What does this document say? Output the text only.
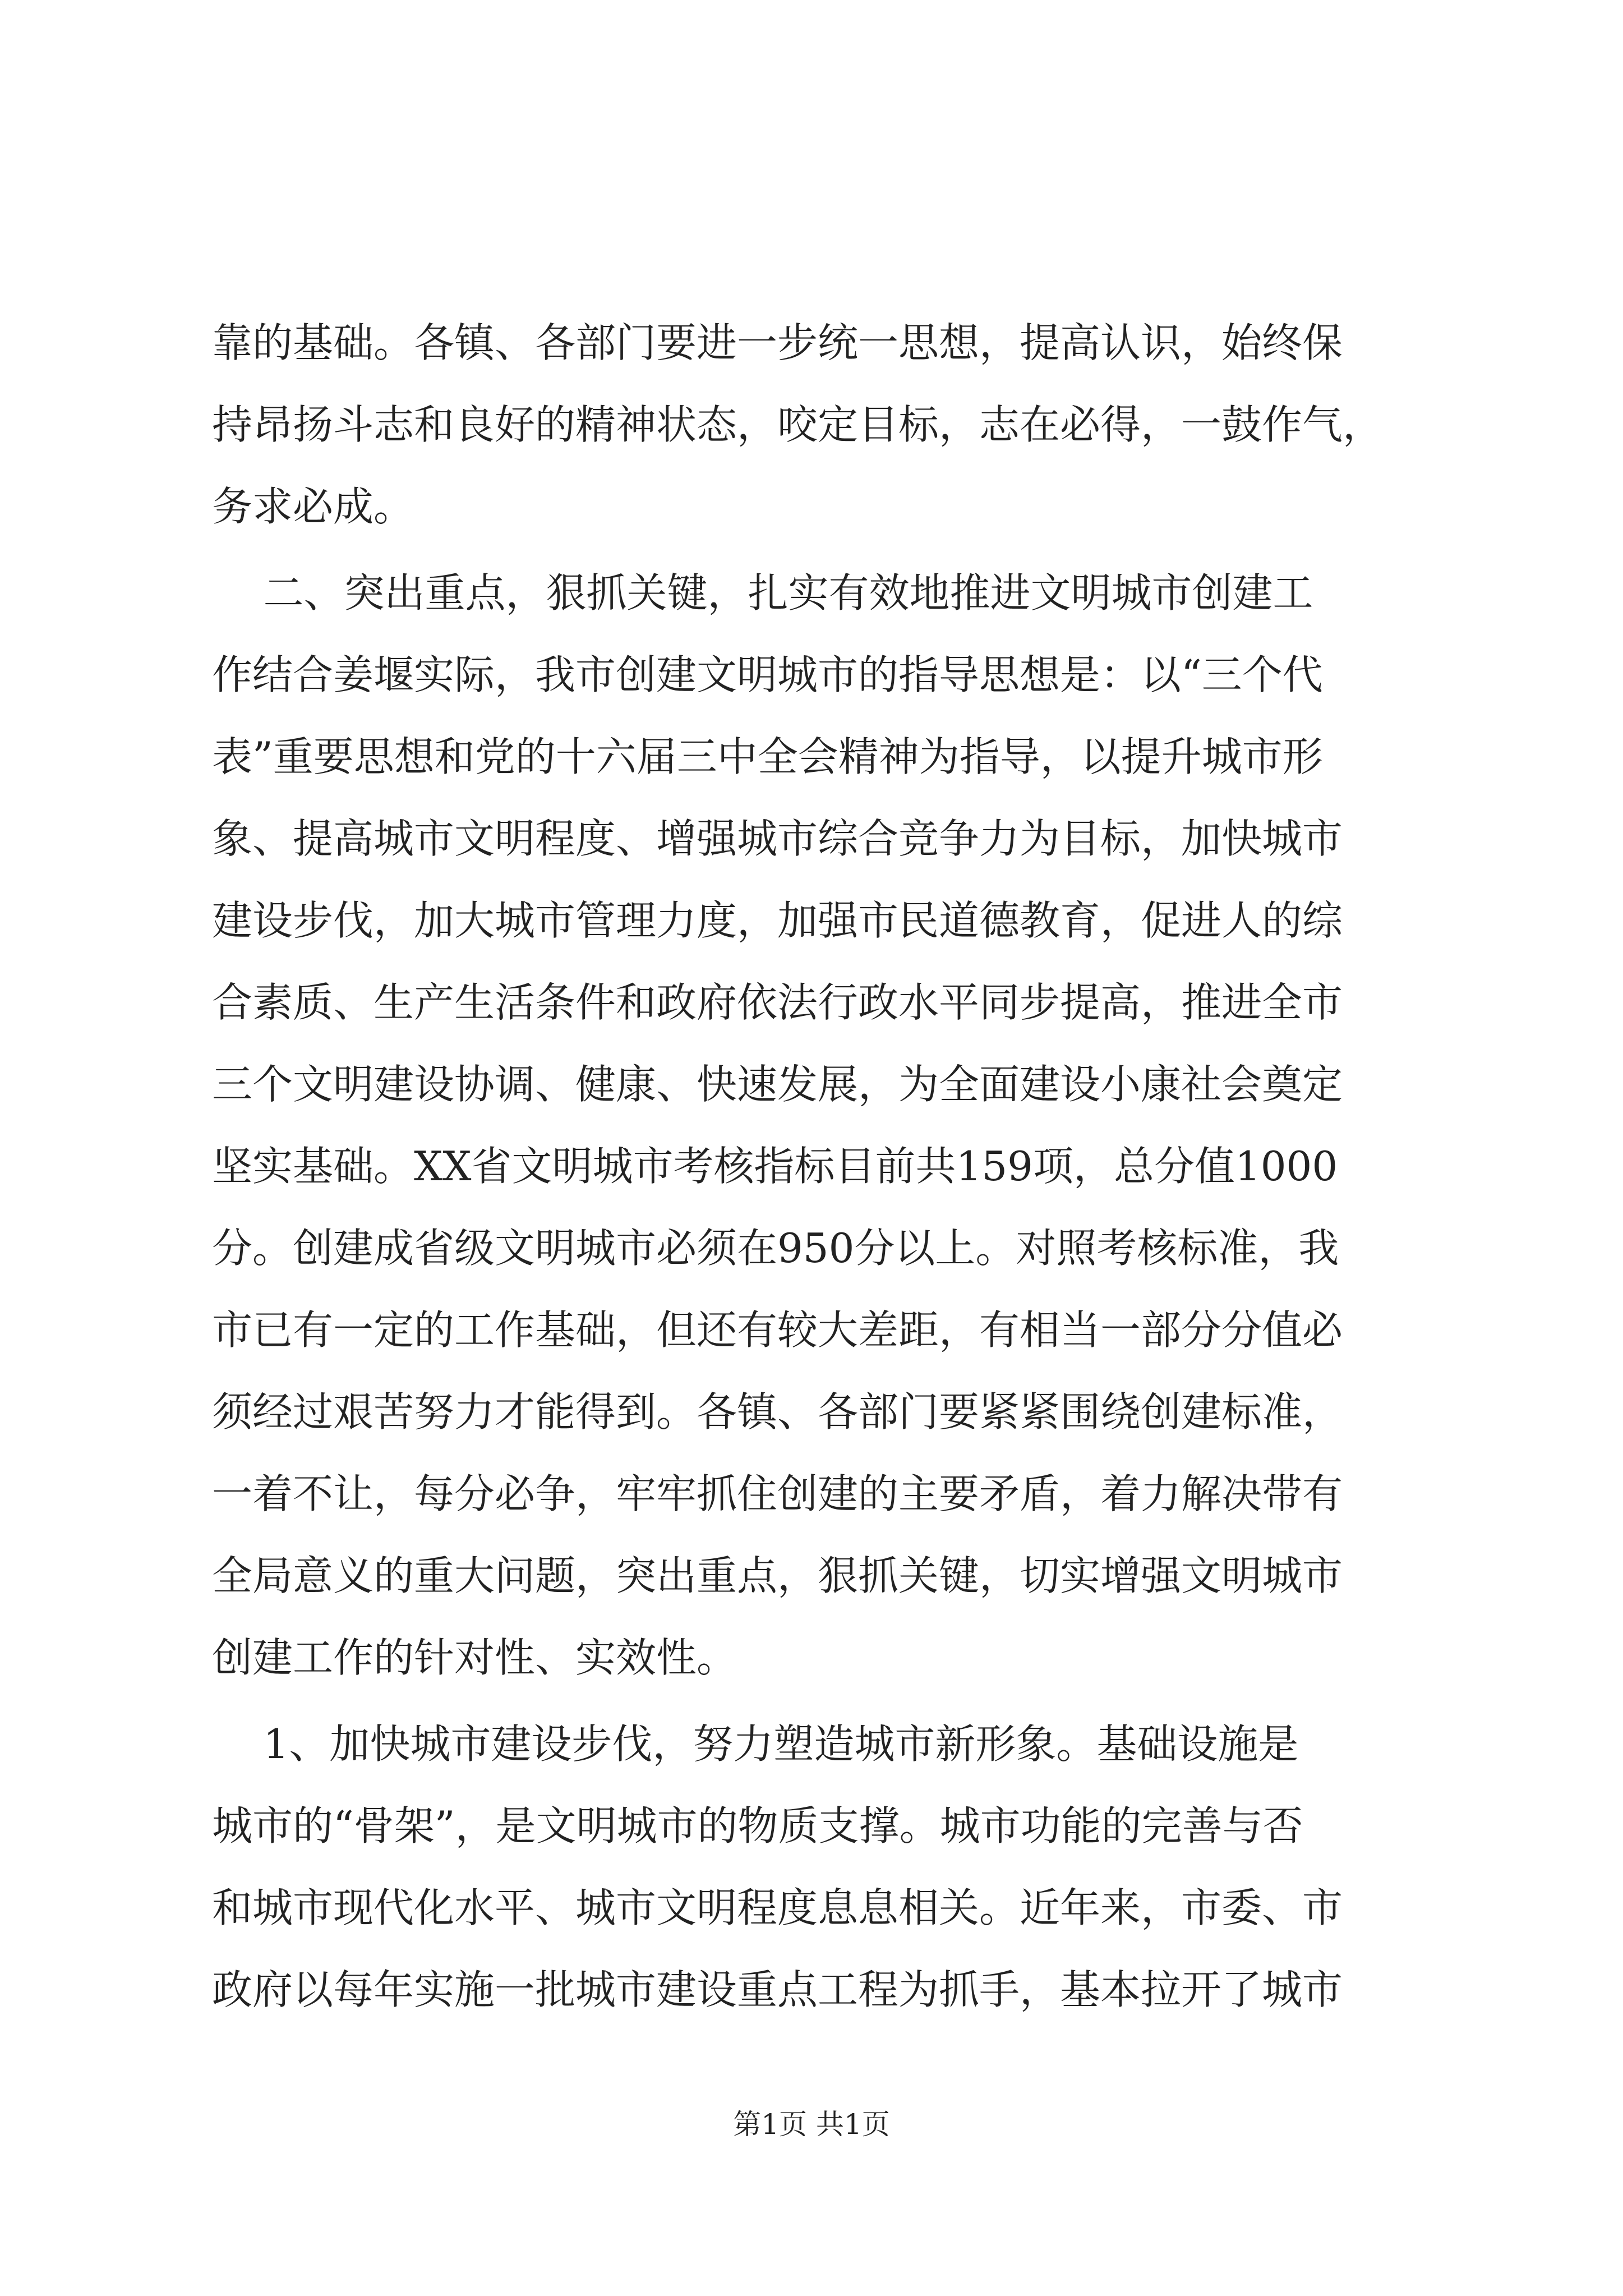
靠的基础。各镇、各部门要进一步统一思想，提高认识，始终保
持昂扬斗志和良好的精神状态，咬定目标，志在必得，一鼓作气，
务求必成。
二、突出重点，狠抓关键，扎实有效地推进文明城市创建工
作结合姜堰实际，我市创建文明城市的指导思想是：以“三个代
表”重要思想和党的十六届三中全会精神为指导，以提升城市形
象、提高城市文明程度、增强城市综合竞争力为目标，加快城市
建设步伐，加大城市管理力度，加强市民道德教育，促进人的综
合素质、生产生活条件和政府依法行政水平同步提高，推进全市
三个文明建设协调、健康、快速发展，为全面建设小康社会奠定
坚实基础。XX省文明城市考核指标目前共159项，总分值1000
分。创建成省级文明城市必须在950分以上。对照考核标准，我
市已有一定的工作基础，但还有较大差距，有相当一部分分值必
须经过艰苦努力才能得到。各镇、各部门要紧紧围绕创建标准，
一着不让，每分必争，牢牢抓住创建的主要矛盾，着力解决带有
全局意义的重大问题，突出重点，狠抓关键，切实增强文明城市
创建工作的针对性、实效性。
1、加快城市建设步伐，努力塑造城市新形象。基础设施是
城市的“骨架”，是文明城市的物质支撑。城市功能的完善与否
和城市现代化水平、城市文明程度息息相关。近年来，市委、市
政府以每年实施一批城市建设重点工程为抓手，基本拉开了城市
第1页 共1页
